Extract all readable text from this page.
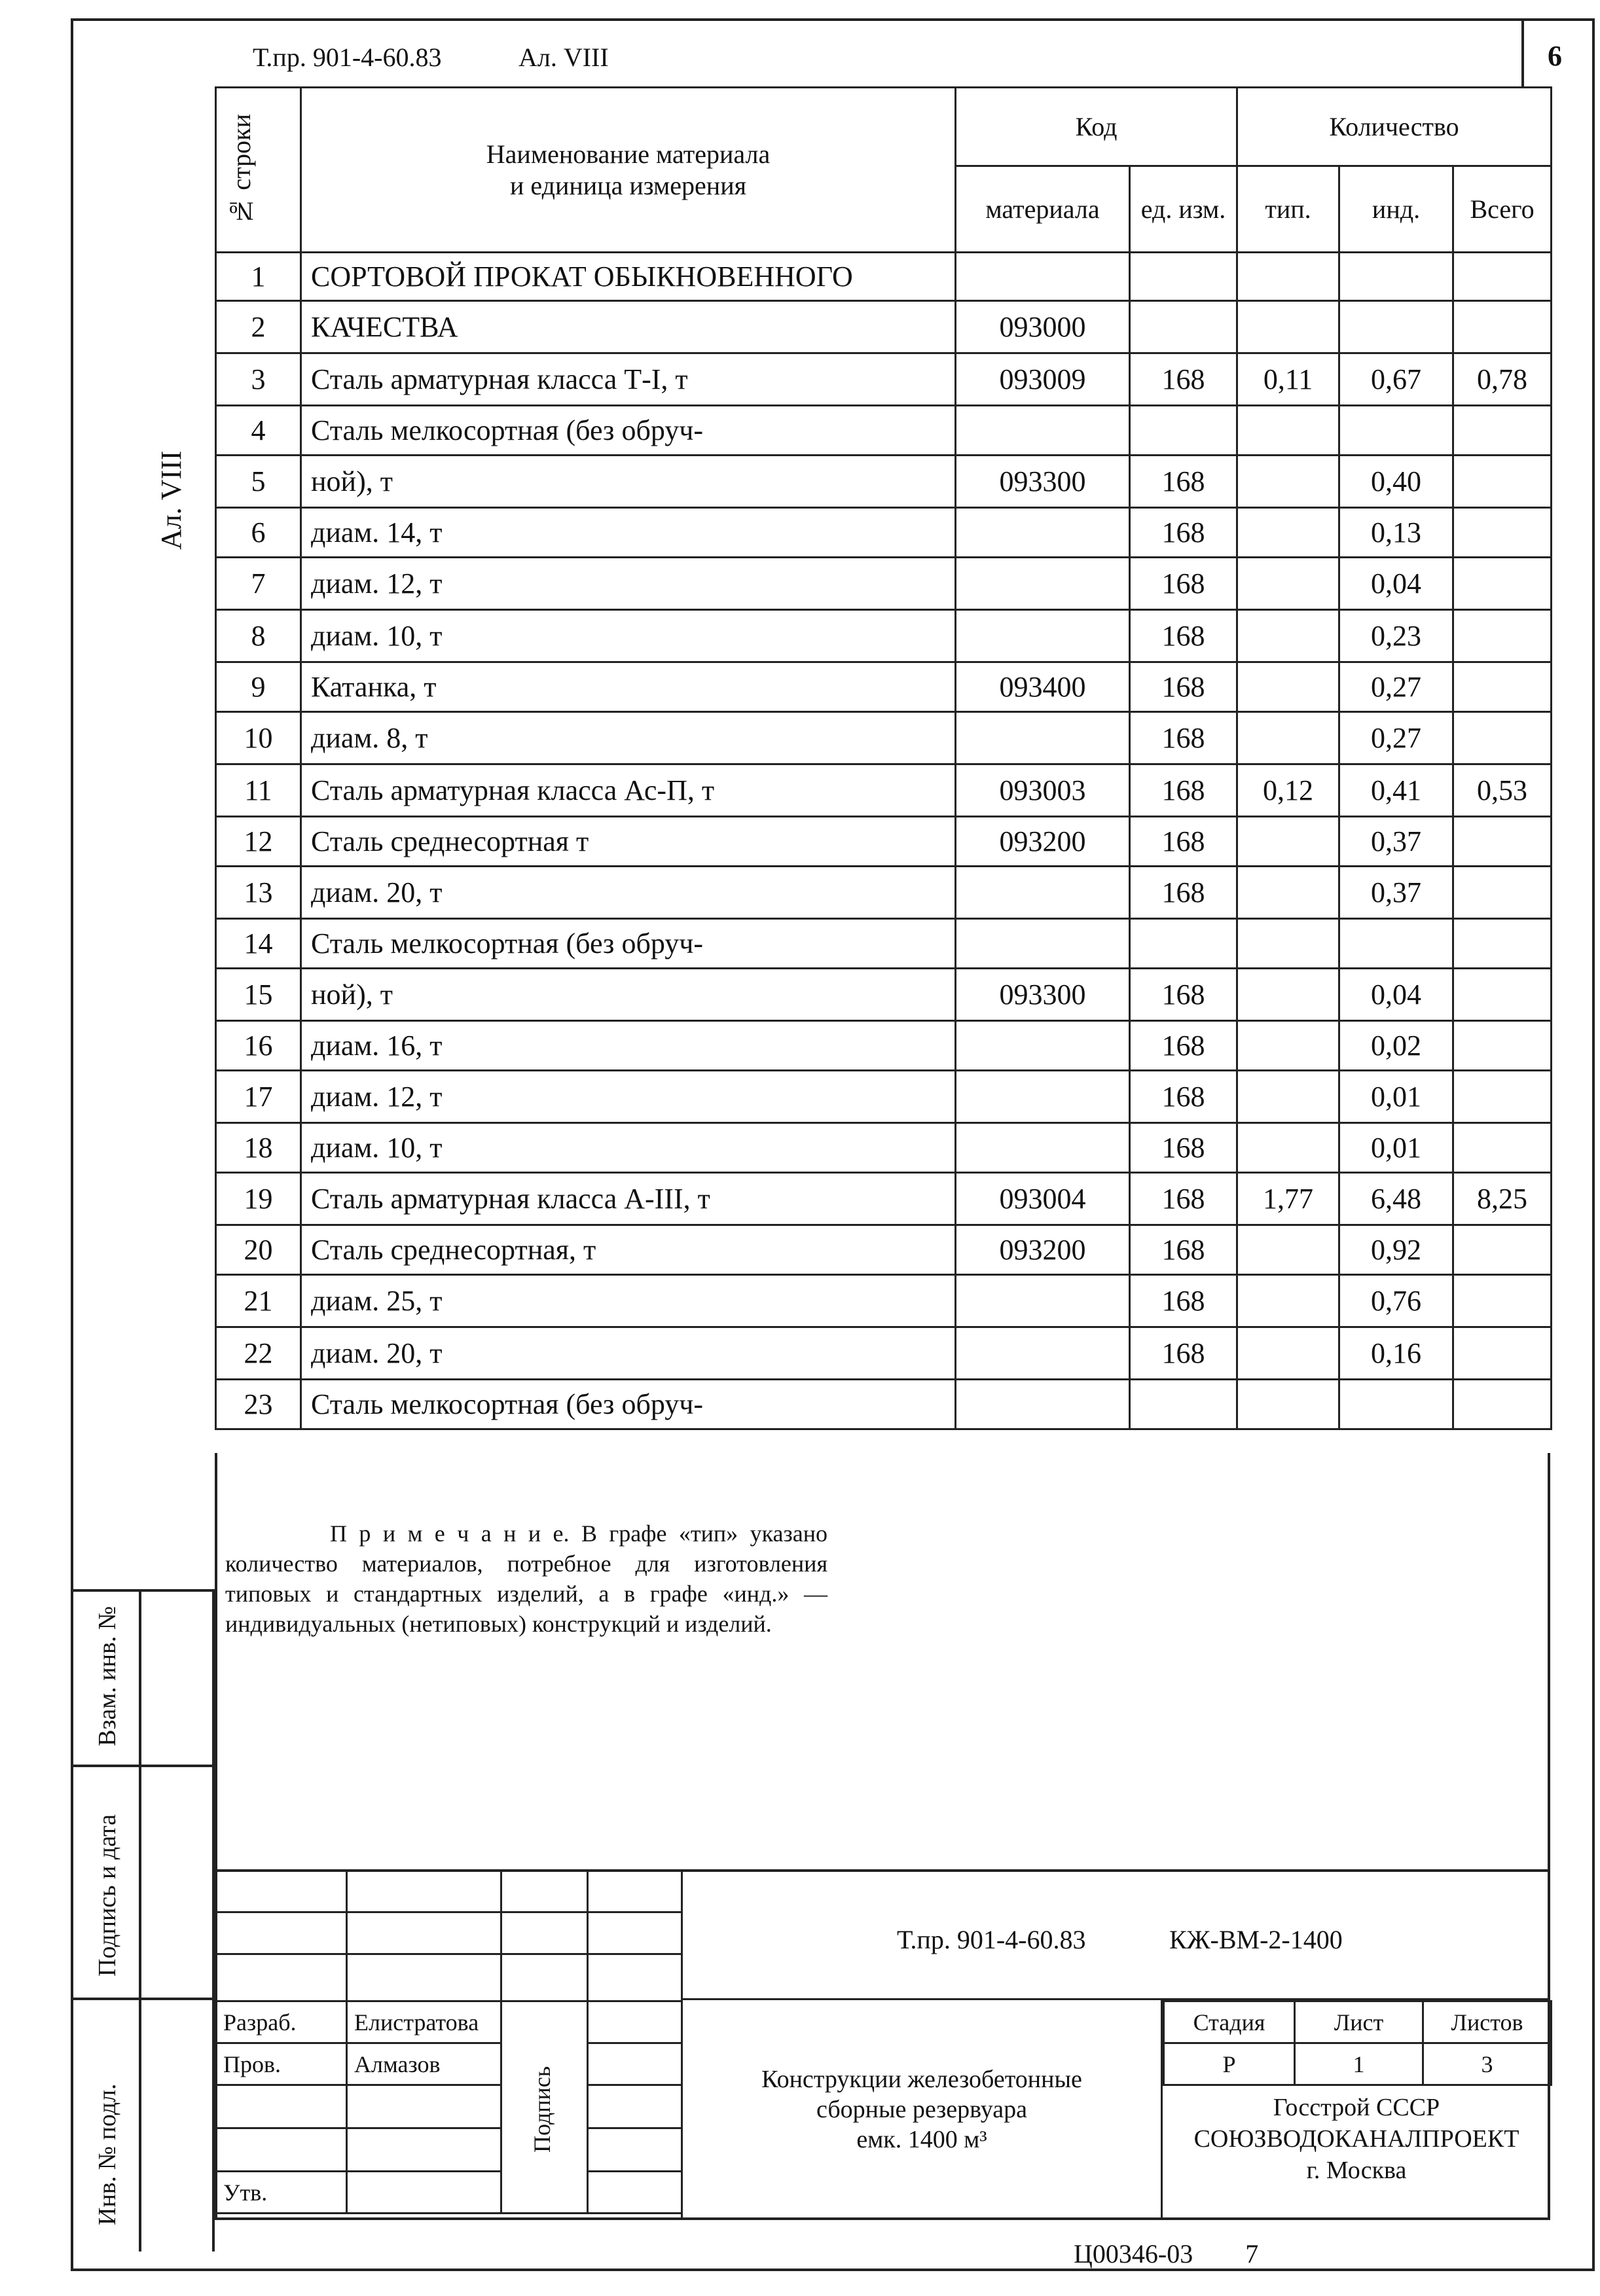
Т.пр. 901-4-60.83	Ал. VIII	6
Ал. VIII
Взам. инв. №
Подпись и дата
Инв. № подл.
№ строки	Наименование материала
и единица измерения	Код		Количество		
		материала	ед. изм.	тип.	инд.	Всего
1	СОРТОВОЙ ПРОКАТ ОБЫКНОВЕННОГО					
2	КАЧЕСТВА	093000				
3	Сталь арматурная класса Т-I, т	093009	168	0,11	0,67	0,78
4	Сталь мелкосортная (без обруч-					
5	ной), т	093300	168		0,40	
6	диам. 14, т		168		0,13	
7	диам. 12, т		168		0,04	
8	диам. 10, т		168		0,23	
9	Катанка, т	093400	168		0,27	
10	диам. 8, т		168		0,27	
11	Сталь арматурная класса Ас-П, т	093003	168	0,12	0,41	0,53
12	Сталь среднесортная т	093200	168		0,37	
13	диам. 20, т		168		0,37	
14	Сталь мелкосортная (без обруч-					
15	ной), т	093300	168		0,04	
16	диам. 16, т		168		0,02	
17	диам. 12, т		168		0,01	
18	диам. 10, т		168		0,01	
19	Сталь арматурная класса А-III, т	093004	168	1,77	6,48	8,25
20	Сталь среднесортная, т	093200	168		0,92	
21	диам. 25, т		168		0,76	
22	диам. 20, т		168		0,16	
23	Сталь мелкосортная (без обруч-					
П р и м е ч а н и е. В графе «тип» указано количество материалов, потребное для изготовления типовых и стандартных изделий, а в графе «инд.» — индивидуальных (нетиповых) конструкций и изделий.

Т.пр. 901-4-60.83	КЖ-ВМ-2-1400
Разраб.	Елистратова	Подпись	

Пров.	Алмазов		

Утв.			
Конструкции железобетонные
сборные резервуара
емк. 1400 м³
Стадия	Лист	Листов
Р	1	3
Госстрой СССР
СОЮЗВОДОКАНАЛПРОЕКТ
г. Москва
Ц00346-03 7
